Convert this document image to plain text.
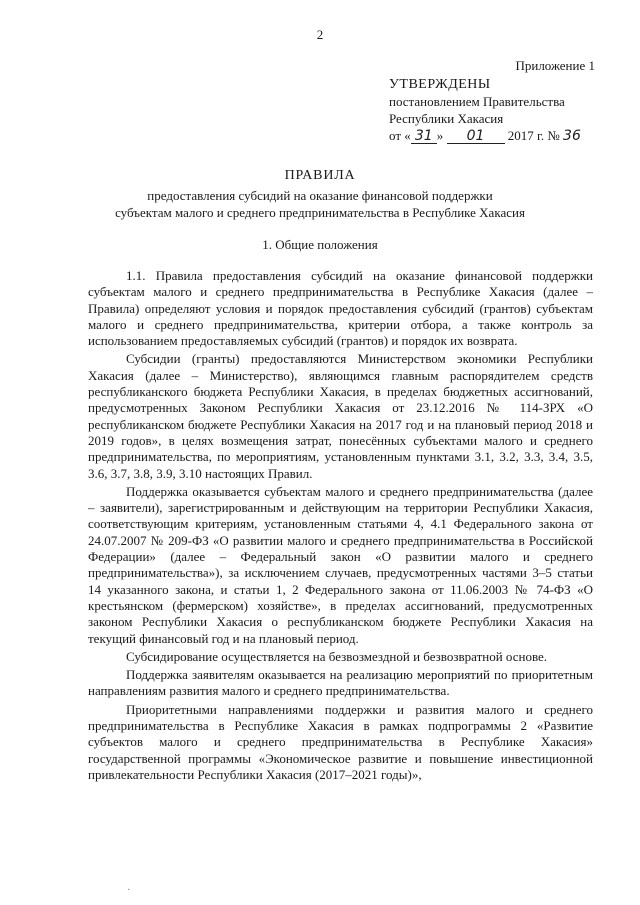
2
Приложение 1
УТВЕРЖДЕНЫ
постановлением Правительства
Республики Хакасия
от « 31 » 01 2017 г. № 36
ПРАВИЛА
предоставления субсидий на оказание финансовой поддержки
субъектам малого и среднего предпринимательства в Республике Хакасия
1. Общие положения

1.1. Правила предоставления субсидий на оказание финансовой поддержки субъектам малого и среднего предпринимательства в Республике Хакасия (далее – Правила) определяют условия и порядок предоставления субсидий (грантов) субъектам малого и среднего предпринимательства, критерии отбора, а также контроль за использованием предоставляемых субсидий (грантов) и порядок их возврата.

Субсидии (гранты) предоставляются Министерством экономики Республики Хакасия (далее – Министерство), являющимся главным распорядителем средств республиканского бюджета Республики Хакасия, в пределах бюджетных ассигнований, предусмотренных Законом Республики Хакасия от 23.12.2016 № 114-ЗРХ «О республиканском бюджете Республики Хакасия на 2017 год и на плановый период 2018 и 2019 годов», в целях возмещения затрат, понесённых субъектами малого и среднего предпринимательства, по мероприятиям, установленным пунктами 3.1, 3.2, 3.3, 3.4, 3.5, 3.6, 3.7, 3.8, 3.9, 3.10 настоящих Правил.

Поддержка оказывается субъектам малого и среднего предпринимательства (далее – заявители), зарегистрированным и действующим на территории Республики Хакасия, соответствующим критериям, установленным статьями 4, 4.1 Федерального закона от 24.07.2007 № 209-ФЗ «О развитии малого и среднего предпринимательства в Российской Федерации» (далее – Федеральный закон «О развитии малого и среднего предпринимательства»), за исключением случаев, предусмотренных частями 3–5 статьи 14 указанного закона, и статьи 1, 2 Федерального закона от 11.06.2003 № 74-ФЗ «О крестьянском (фермерском) хозяйстве», в пределах ассигнований, предусмотренных законом Республики Хакасия о республиканском бюджете Республики Хакасия на текущий финансовый год и на плановый период.

Субсидирование осуществляется на безвозмездной и безвозвратной основе.

Поддержка заявителям оказывается на реализацию мероприятий по приоритетным направлениям развития малого и среднего предпринимательства.

Приоритетными направлениями поддержки и развития малого и среднего предпринимательства в Республике Хакасия в рамках подпрограммы 2 «Развитие субъектов малого и среднего предпринимательства в Республике Хакасия» государственной программы «Экономическое развитие и повышение инвестиционной привлекательности Республики Хакасия (2017–2021 годы)»,

·
